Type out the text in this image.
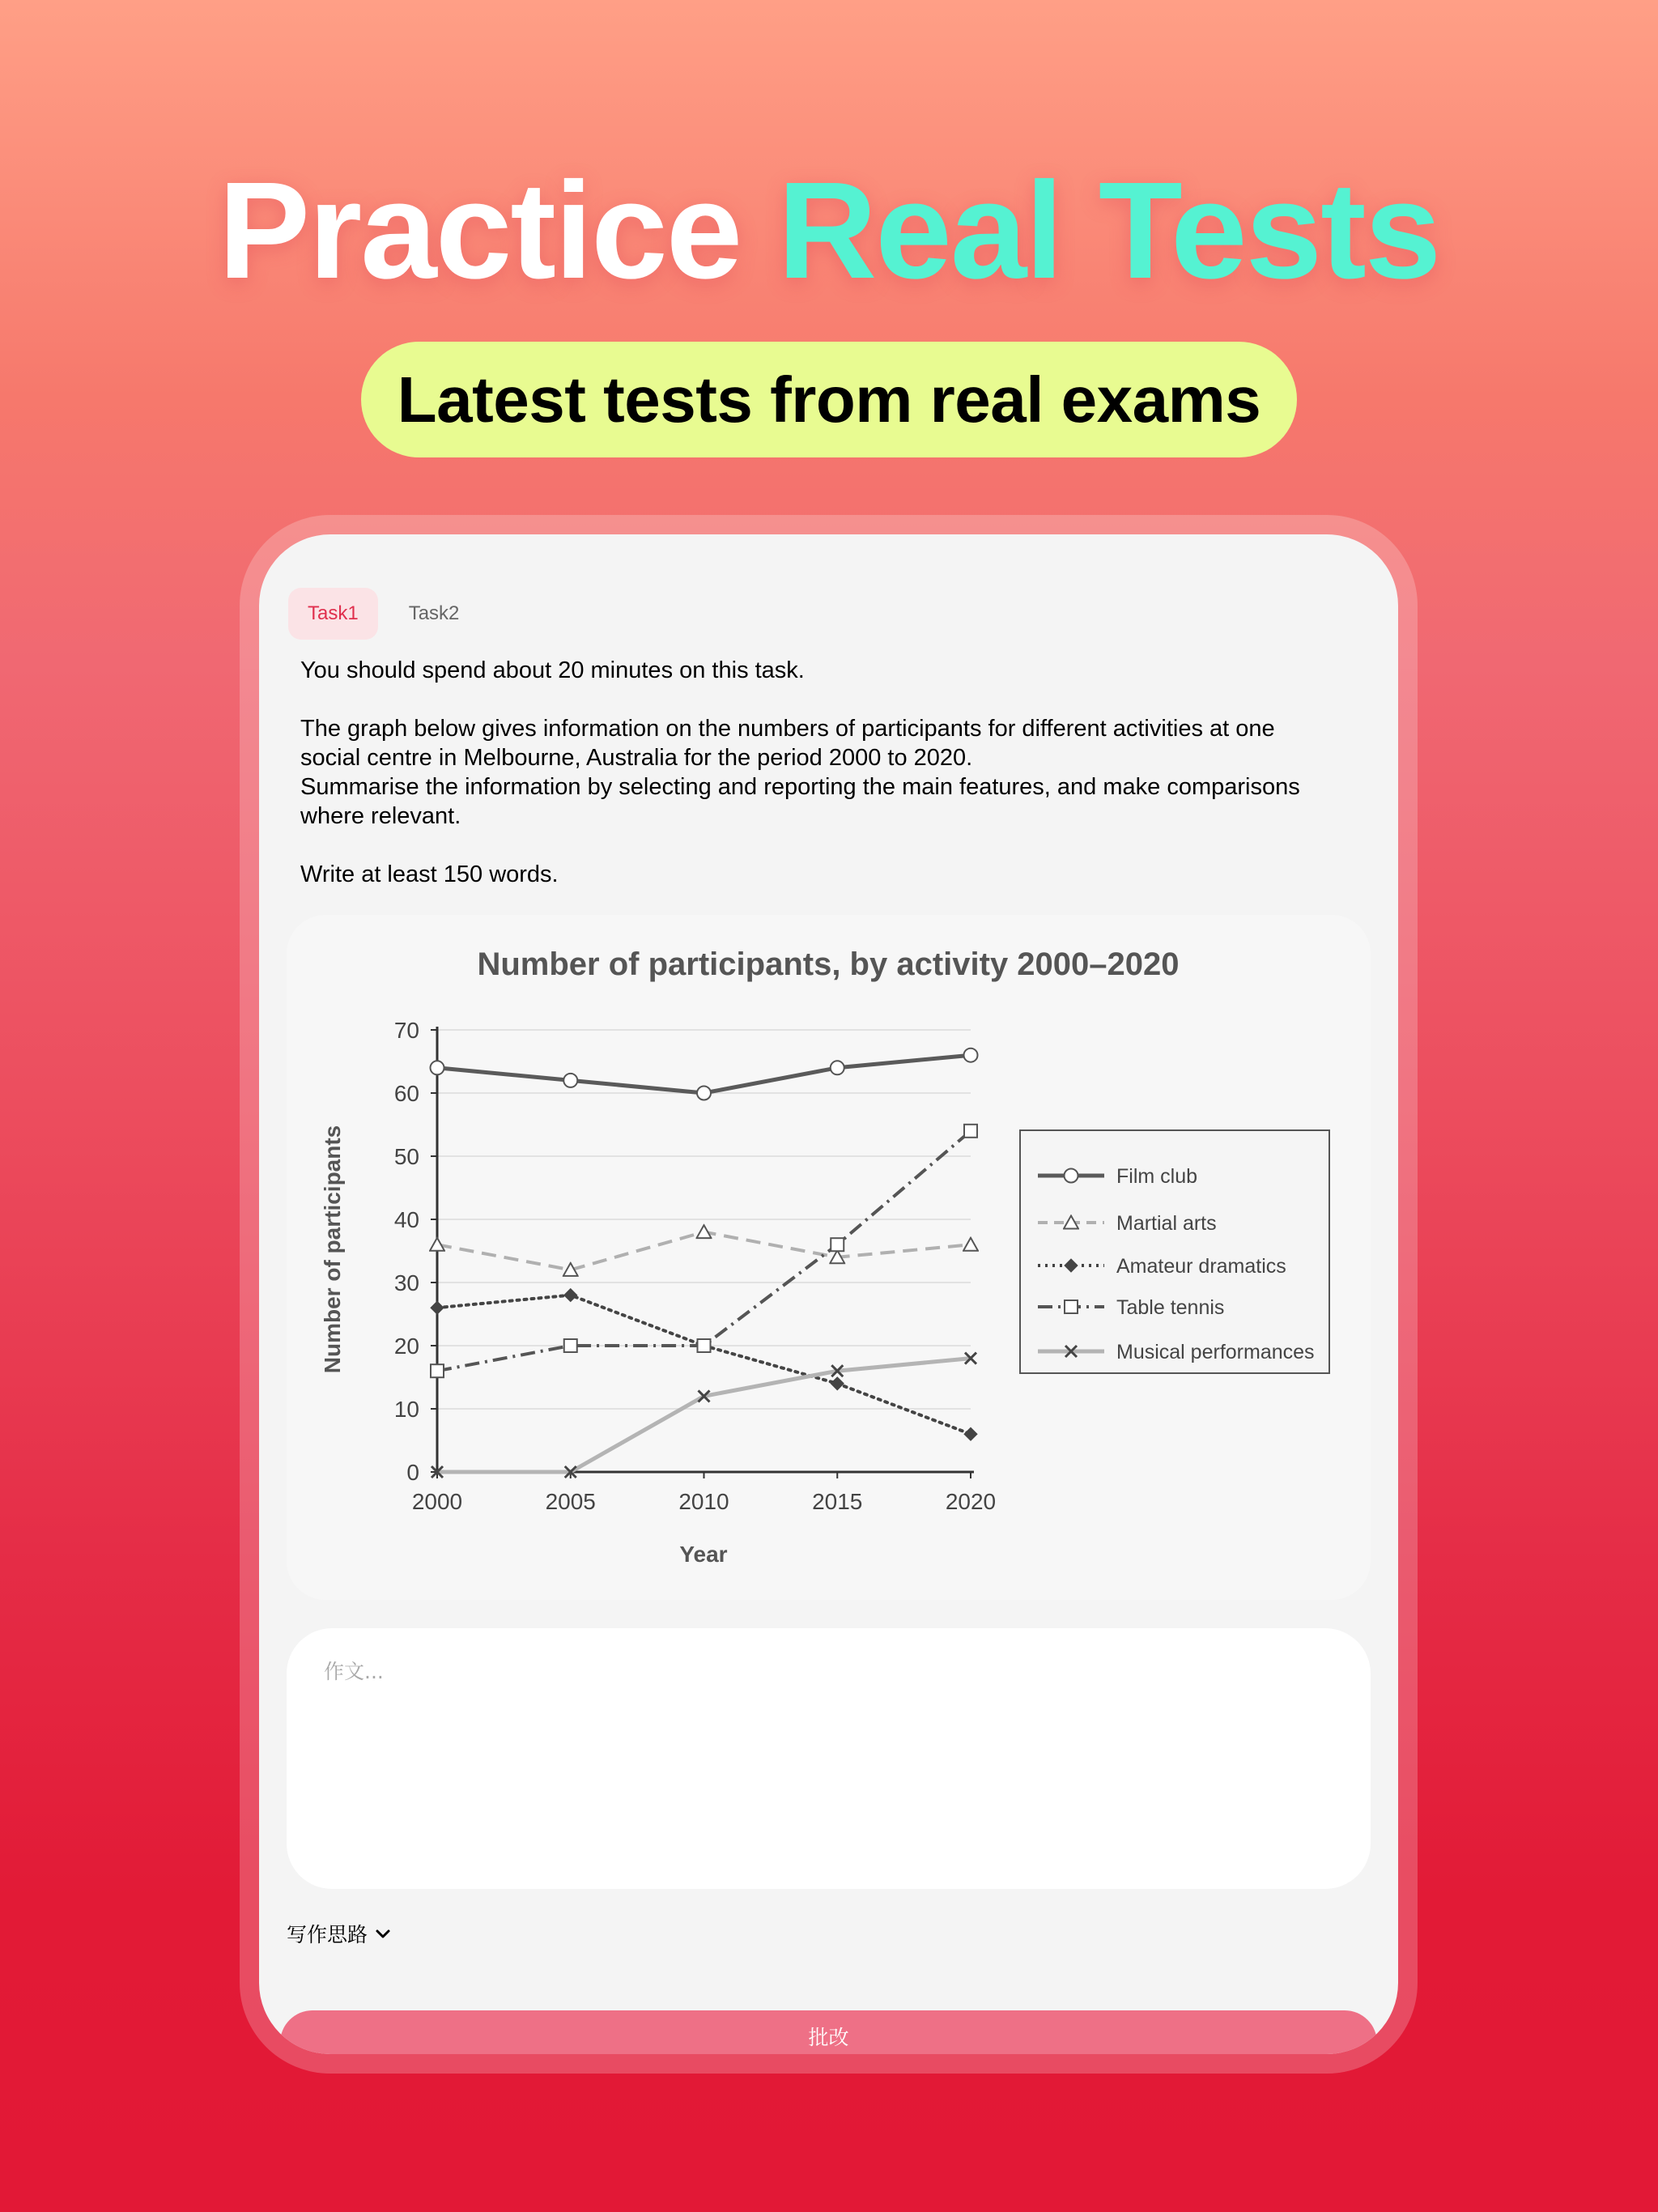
Practice Real Tests
Latest tests from real exams
Task1	Task2

You should spend about 20 minutes on this task.

The graph below gives information on the numbers of participants for different activities at one
social centre in Melbourne, Australia for the period 2000 to 2020.
Summarise the information by selecting and reporting the main features, and make comparisons
where relevant.

Write at least 150 words.

Number of participants, by activity 2000–2020
Year
Number of participants
0
10
20
30
40
50
60
70
2000	2005	2010	2015	2020
Film club
Martial arts
Amateur dramatics
Table tennis
Musical performances
作文...
写作思路
批改
